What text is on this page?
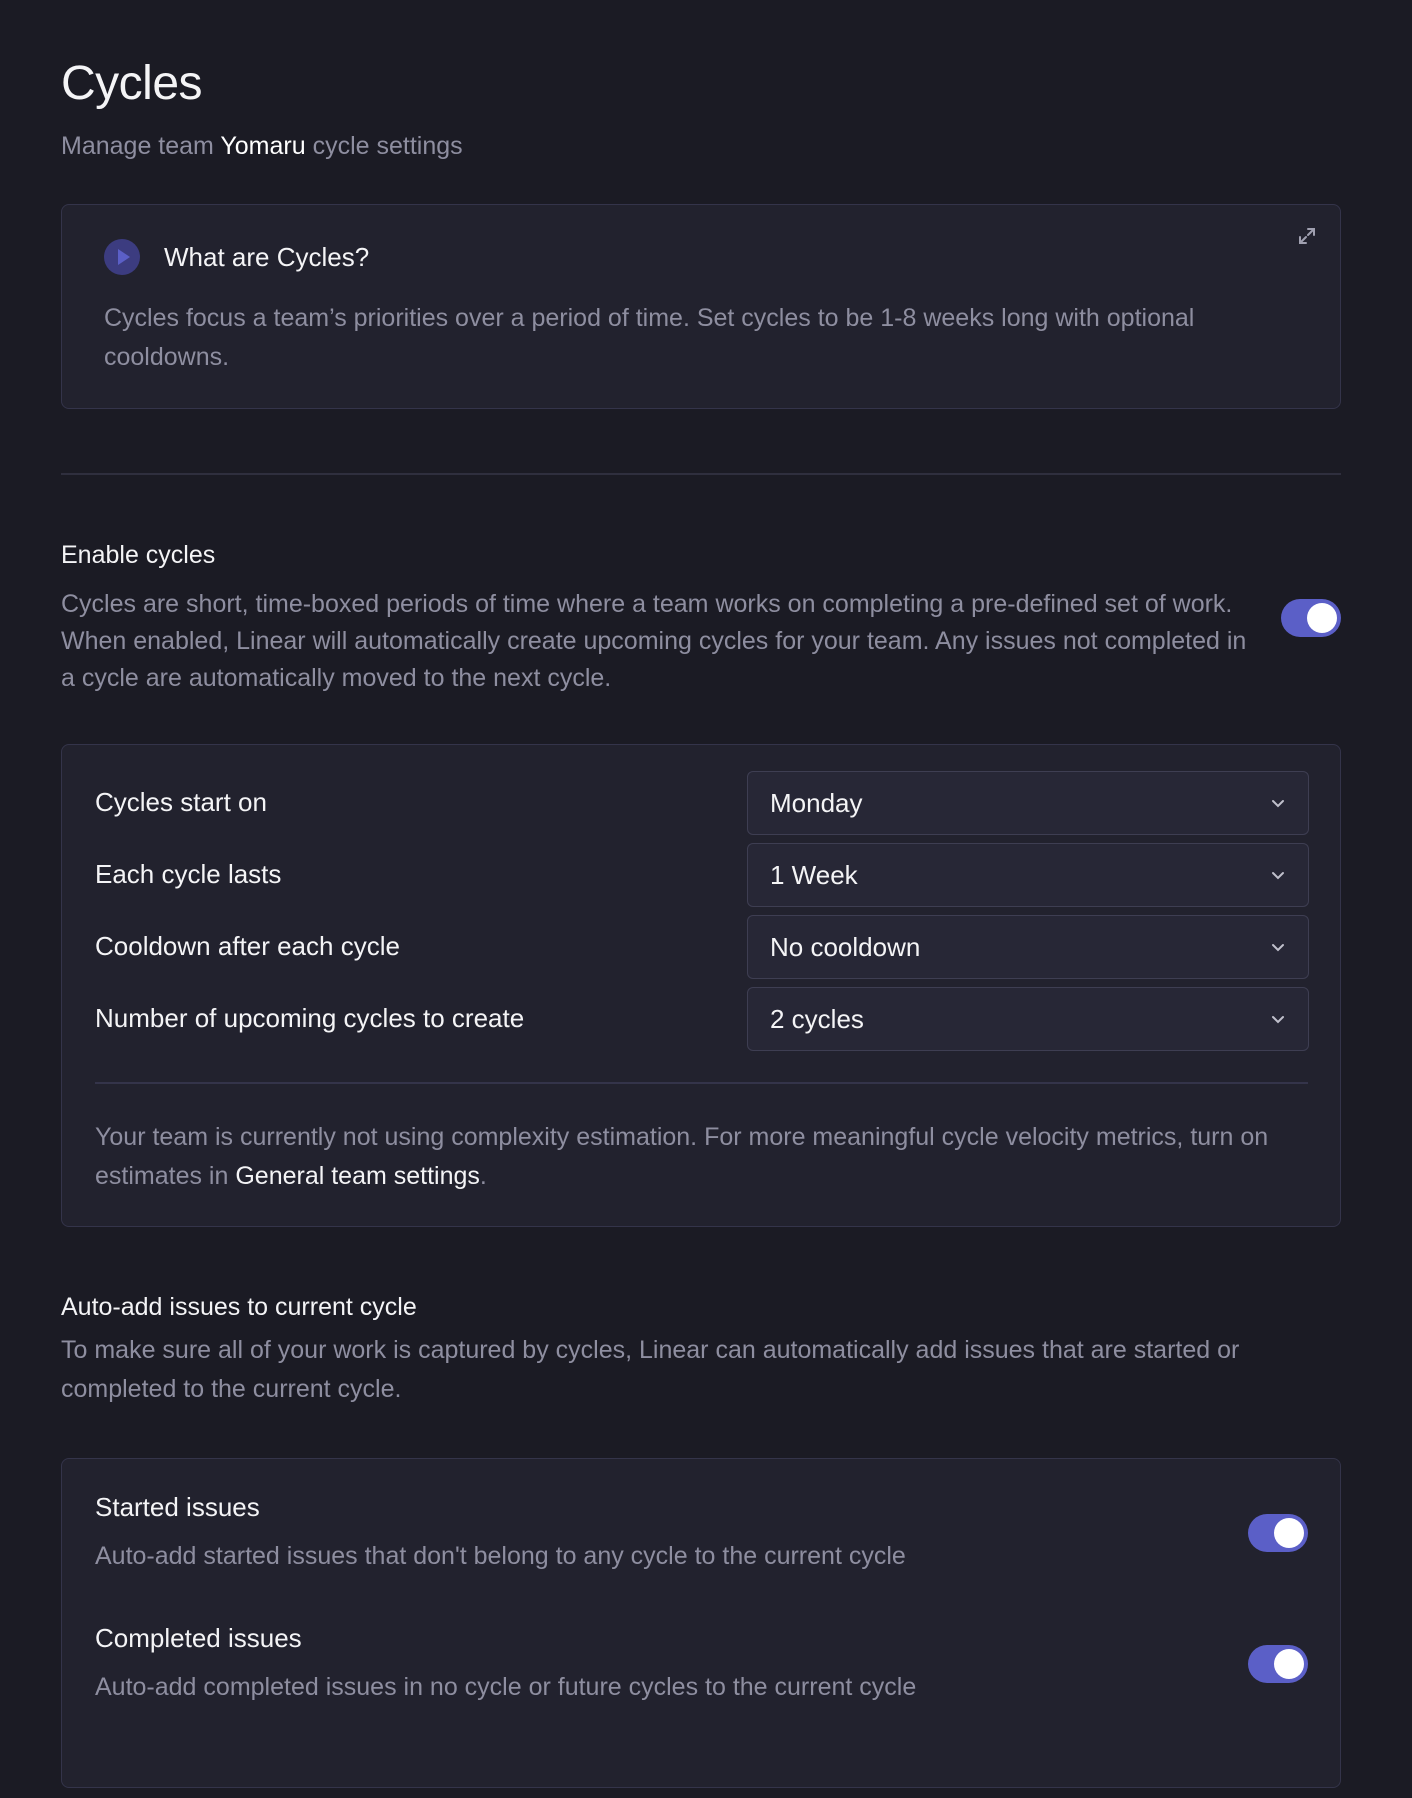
Cycles
Manage team Yomaru cycle settings
What are Cycles?
Cycles focus a team’s priorities over a period of time. Set cycles to be 1-8 weeks long with optional cooldowns.
Enable cycles
Cycles are short, time-boxed periods of time where a team works on completing a pre-defined set of work. When enabled, Linear will automatically create upcoming cycles for your team. Any issues not completed in a cycle are automatically moved to the next cycle.
Cycles start on	Monday
Each cycle lasts	1 Week
Cooldown after each cycle	No cooldown
Number of upcoming cycles to create	2 cycles
Your team is currently not using complexity estimation. For more meaningful cycle velocity metrics, turn on estimates in General team settings.
Auto-add issues to current cycle
To make sure all of your work is captured by cycles, Linear can automatically add issues that are started or completed to the current cycle.
Started issues
Auto-add started issues that don't belong to any cycle to the current cycle
Completed issues
Auto-add completed issues in no cycle or future cycles to the current cycle
